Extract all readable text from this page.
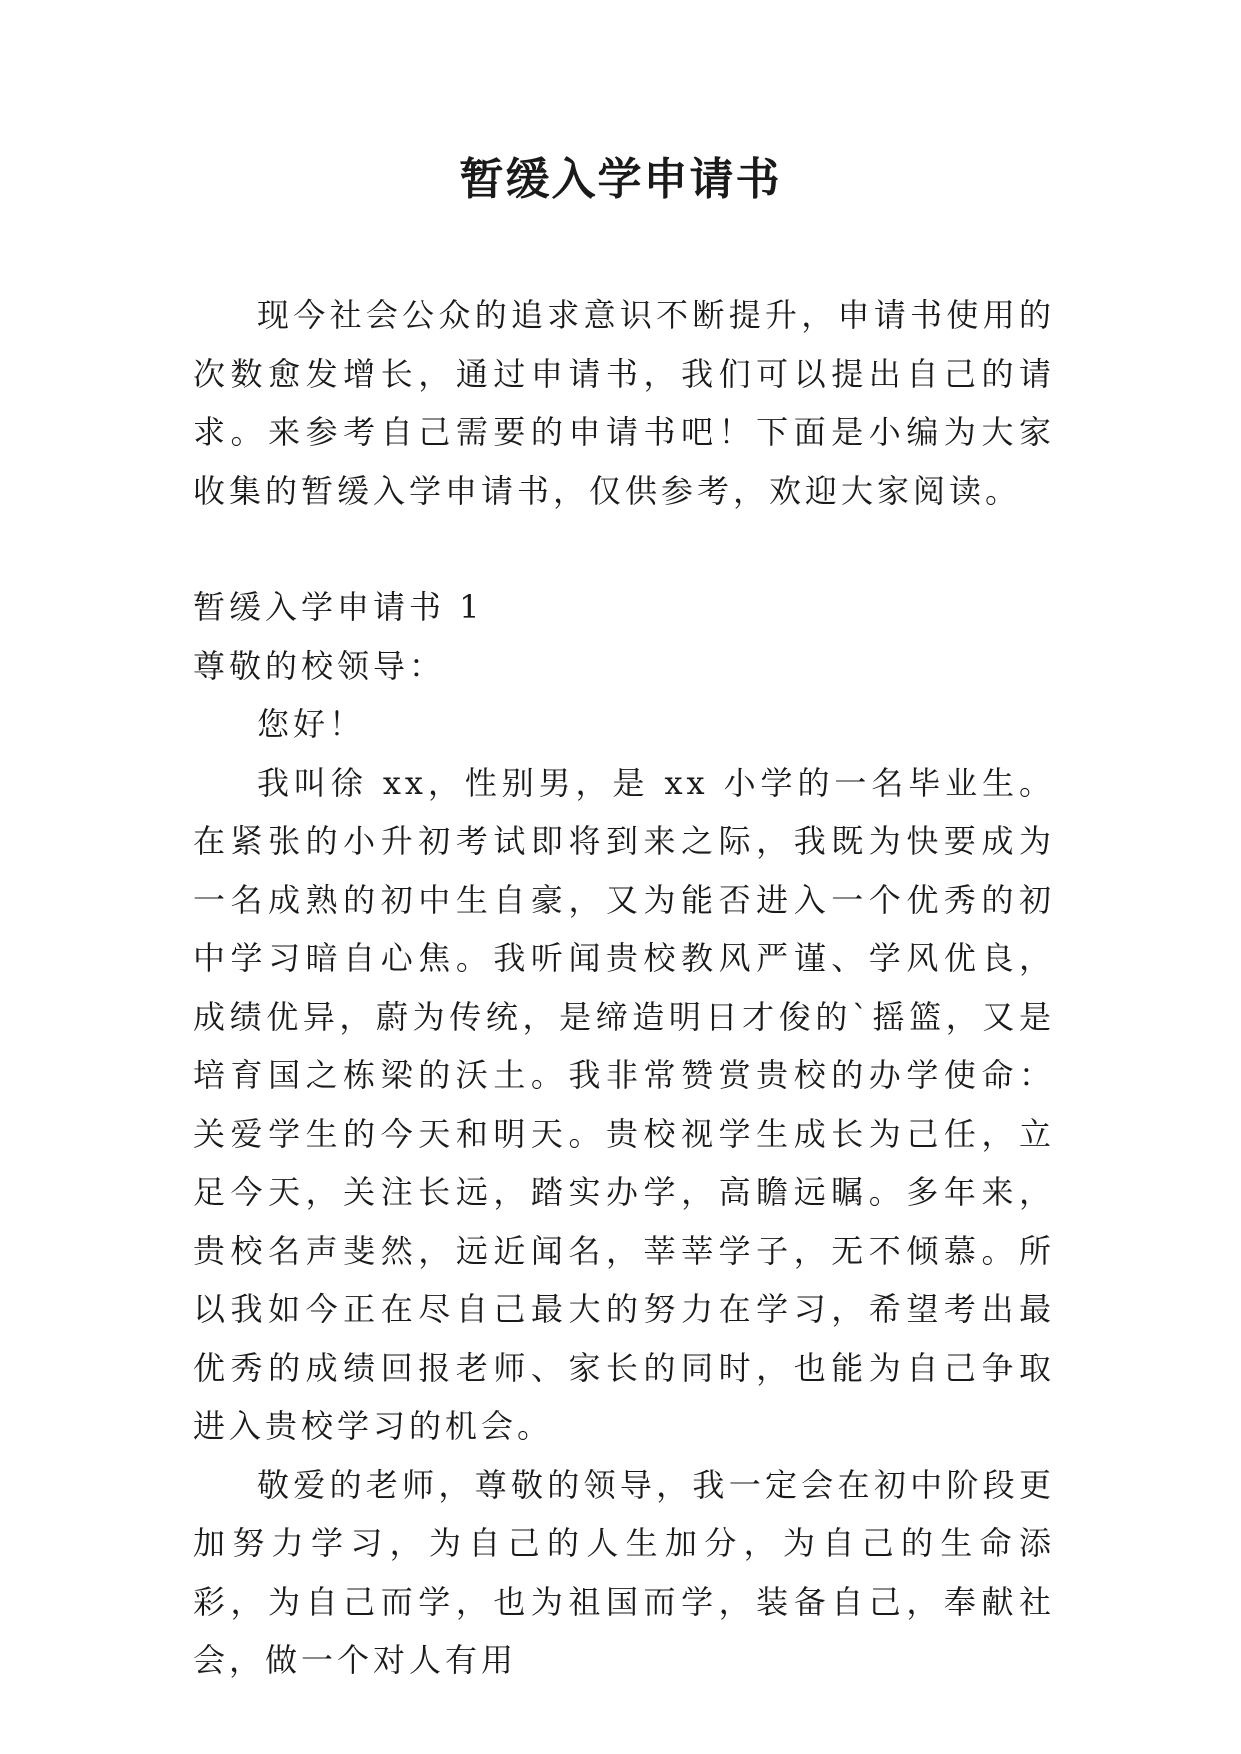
暂缓入学申请书

现今社会公众的追求意识不断提升，申请书使用的次数愈发增长，通过申请书，我们可以提出自己的请求。来参考自己需要的申请书吧！下面是小编为大家收集的暂缓入学申请书，仅供参考，欢迎大家阅读。

暂缓入学申请书 1

尊敬的校领导：

您好！

我叫徐 xx，性别男，是 xx 小学的一名毕业生。在紧张的小升初考试即将到来之际，我既为快要成为一名成熟的初中生自豪，又为能否进入一个优秀的初中学习暗自心焦。我听闻贵校教风严谨、学风优良，成绩优异，蔚为传统，是缔造明日才俊的`摇篮，又是培育国之栋梁的沃土。我非常赞赏贵校的办学使命：关爱学生的今天和明天。贵校视学生成长为己任，立足今天，关注长远，踏实办学，高瞻远瞩。多年来，贵校名声斐然，远近闻名，莘莘学子，无不倾慕。所以我如今正在尽自己最大的努力在学习，希望考出最优秀的成绩回报老师、家长的同时，也能为自己争取进入贵校学习的机会。

敬爱的老师，尊敬的领导，我一定会在初中阶段更加努力学习，为自己的人生加分，为自己的生命添彩，为自己而学，也为祖国而学，装备自己，奉献社会，做一个对人有用
